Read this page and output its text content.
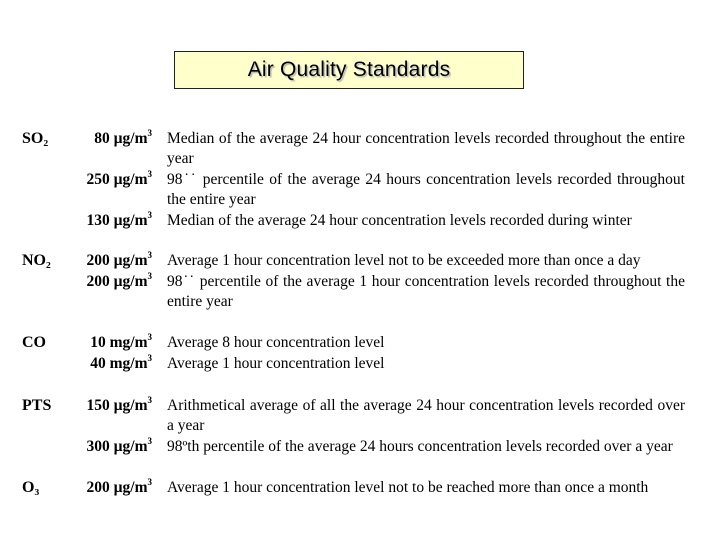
Air Quality Standards
SO₂	80 $\mu g/m^3$ Median of the average 24 hour concentration levels recorded throughout the entire year
250 $\mu g/m^3$ 98˙˙ percentile of the average 24 hours concentration levels recorded throughout the entire year
130 $\mu g/m^3$ Median of the average 24 hour concentration levels recorded during winter
NO₂	200 $\mu g/m^3$ Average 1 hour concentration level not to be exceeded more than once a day
200 $\mu g/m^3$ 98˙˙ percentile of the average 1 hour concentration levels recorded throughout the entire year
CO	10 $mg/m^3$ Average 8 hour concentration level
40 $mg/m^3$ Average 1 hour concentration level
PTS	150 $\mu g/m^3$ Arithmetical average of all the average 24 hour concentration levels recorded over a year
300 $\mu g/m^3$ 98ºth percentile of the average 24 hours concentration levels recorded over a year
O₃	200 $\mu g/m^3$ Average 1 hour concentration level not to be reached more than once a month
